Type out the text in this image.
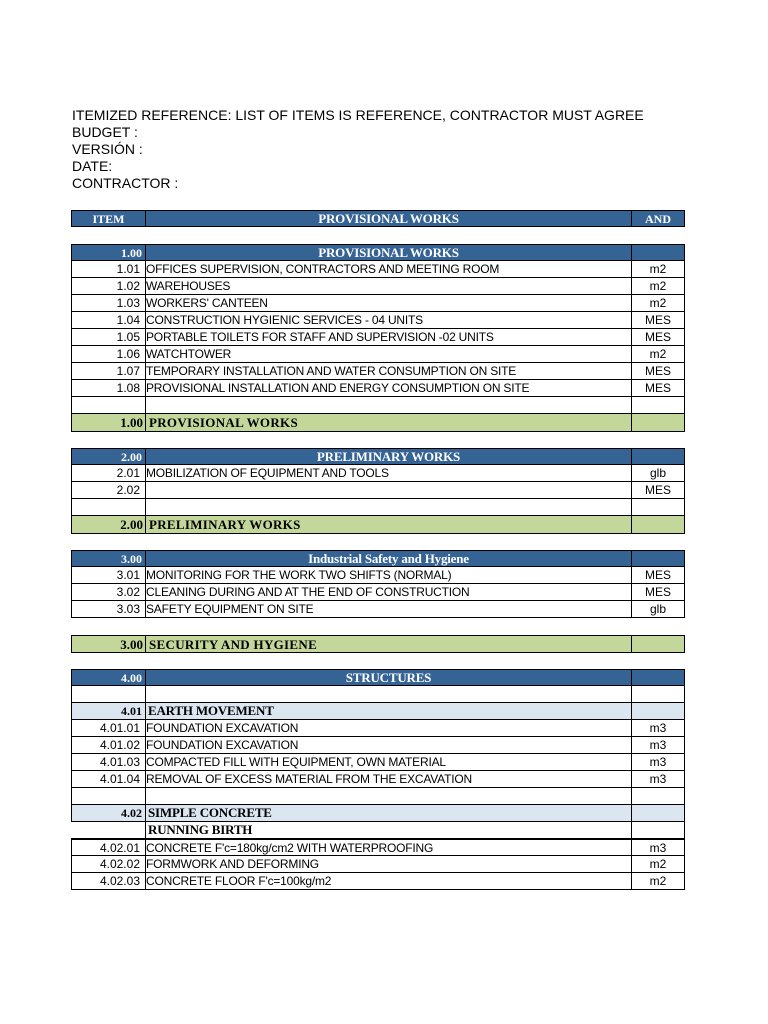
ITEMIZED REFERENCE: LIST OF ITEMS IS REFERENCE, CONTRACTOR MUST AGREE
BUDGET :
VERSIÓN :
DATE:
CONTRACTOR :
ITEM	PROVISIONAL WORKS	AND
1.00	PROVISIONAL WORKS
1.01 OFFICES SUPERVISION, CONTRACTORS AND MEETING ROOM	m2
1.02 WAREHOUSES	m2
1.03 WORKERS' CANTEEN	m2
1.04 CONSTRUCTION HYGIENIC SERVICES - 04 UNITS	MES
1.05 PORTABLE TOILETS FOR STAFF AND SUPERVISION -02 UNITS	MES
1.06 WATCHTOWER	m2
1.07 TEMPORARY INSTALLATION AND WATER CONSUMPTION ON SITE	MES
1.08 PROVISIONAL INSTALLATION AND ENERGY CONSUMPTION ON SITE	MES
1.00 PROVISIONAL WORKS
2.00	PRELIMINARY WORKS
2.01 MOBILIZATION OF EQUIPMENT AND TOOLS	glb
2.02	MES
2.00 PRELIMINARY WORKS
3.00	Industrial Safety and Hygiene
3.01 MONITORING FOR THE WORK TWO SHIFTS (NORMAL)	MES
3.02 CLEANING DURING AND AT THE END OF CONSTRUCTION	MES
3.03 SAFETY EQUIPMENT ON SITE	glb
3.00 SECURITY AND HYGIENE
4.00	STRUCTURES
4.01 EARTH MOVEMENT
4.01.01 FOUNDATION EXCAVATION	m3
4.01.02 FOUNDATION EXCAVATION	m3
4.01.03 COMPACTED FILL WITH EQUIPMENT, OWN MATERIAL	m3
4.01.04 REMOVAL OF EXCESS MATERIAL FROM THE EXCAVATION	m3
4.02 SIMPLE CONCRETE
RUNNING BIRTH
4.02.01 CONCRETE F'c=180kg/cm2 WITH WATERPROOFING	m3
4.02.02 FORMWORK AND DEFORMING	m2
4.02.03 CONCRETE FLOOR F'c=100kg/m2	m2
